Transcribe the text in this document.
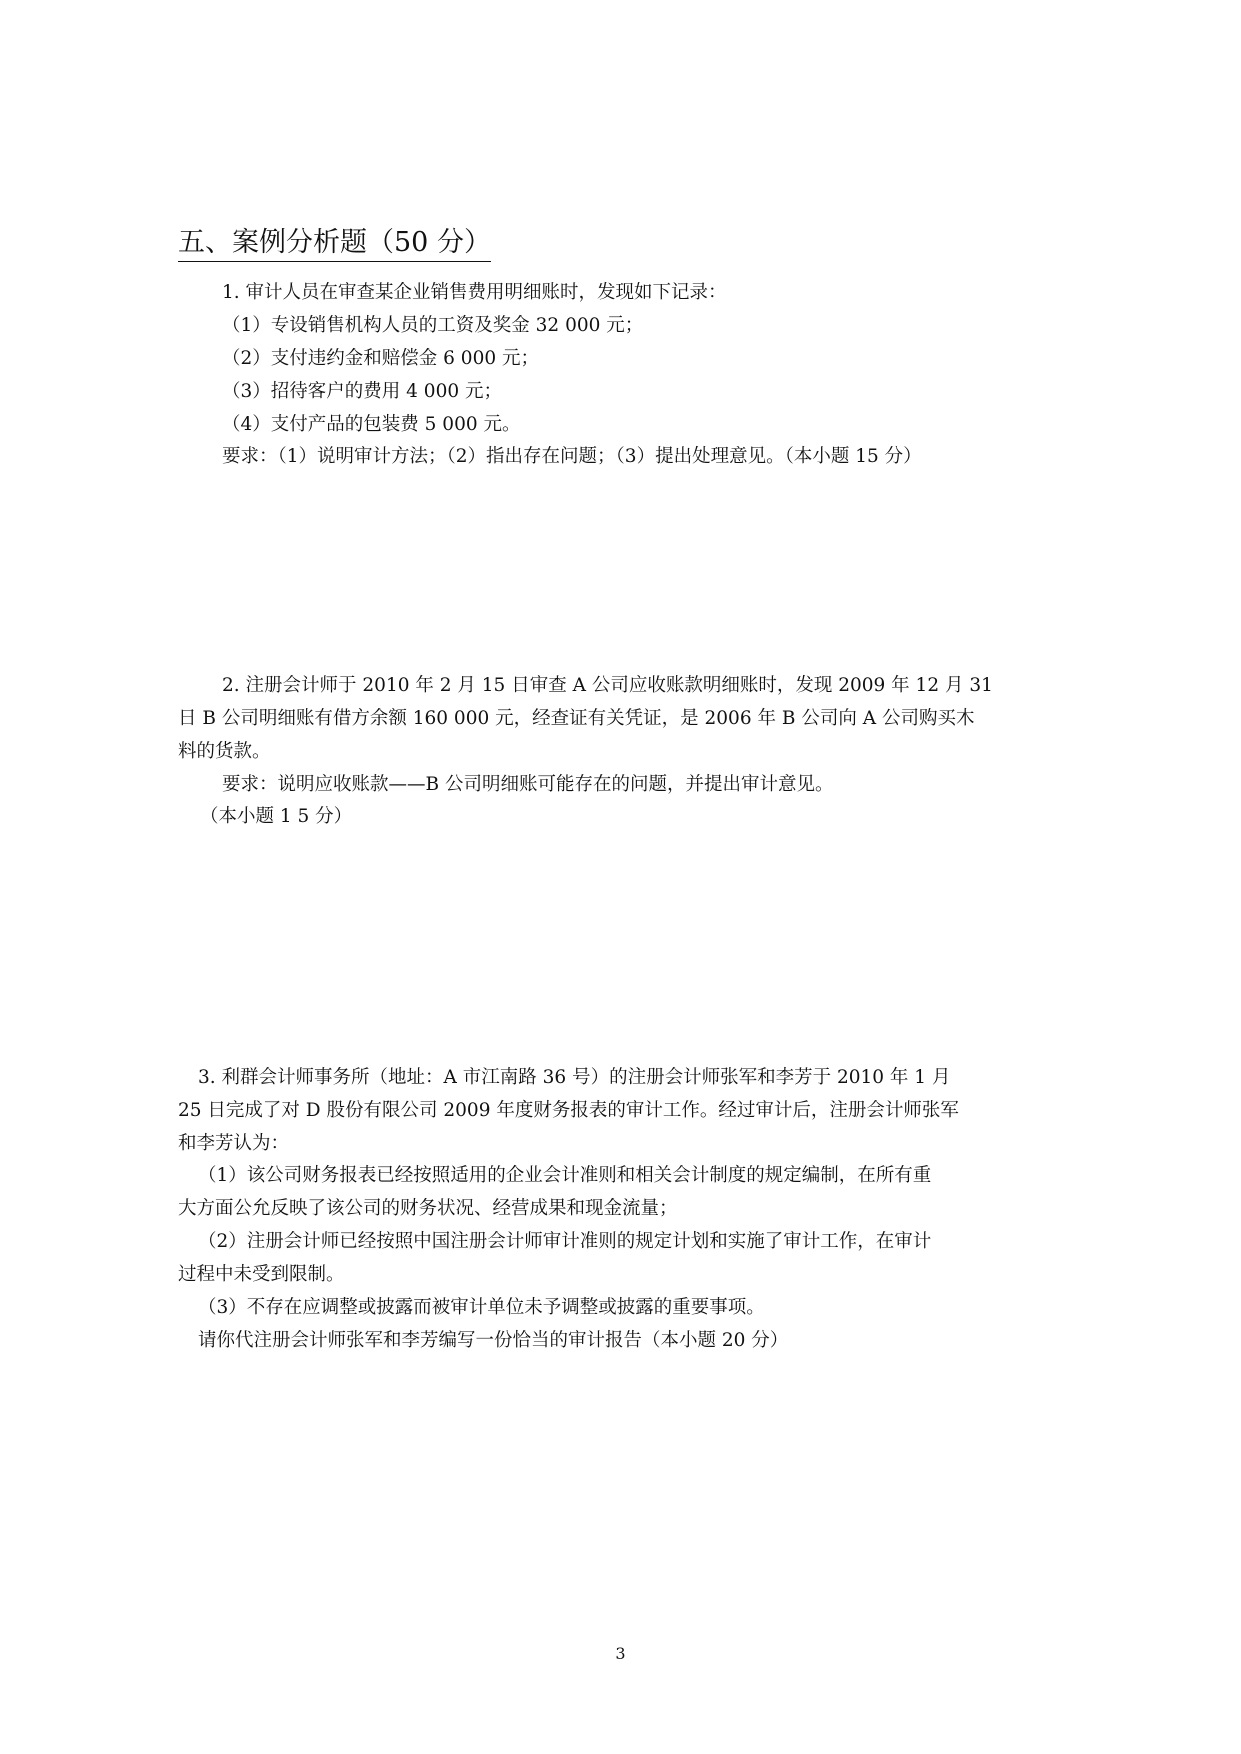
五、案例分析题（50 分）
1. 审计人员在审查某企业销售费用明细账时，发现如下记录：
（1）专设销售机构人员的工资及奖金 32 000 元；
（2）支付违约金和赔偿金 6 000 元；
（3）招待客户的费用 4 000 元；
（4）支付产品的包装费 5 000 元。
要求：（1）说明审计方法；（2）指出存在问题；（3）提出处理意见。（本小题 15 分）
2. 注册会计师于 2010 年 2 月 15 日审查 A 公司应收账款明细账时，发现 2009 年 12 月 31
日 B 公司明细账有借方余额 160 000 元，经查证有关凭证，是 2006 年 B 公司向 A 公司购买木
料的货款。
要求：说明应收账款——B 公司明细账可能存在的问题，并提出审计意见。
（本小题 1 5 分）
3. 利群会计师事务所（地址：A 市江南路 36 号）的注册会计师张军和李芳于 2010 年 1 月
25 日完成了对 D 股份有限公司 2009 年度财务报表的审计工作。经过审计后，注册会计师张军
和李芳认为：
（1）该公司财务报表已经按照适用的企业会计准则和相关会计制度的规定编制，在所有重
大方面公允反映了该公司的财务状况、经营成果和现金流量；
（2）注册会计师已经按照中国注册会计师审计准则的规定计划和实施了审计工作，在审计
过程中未受到限制。
（3）不存在应调整或披露而被审计单位未予调整或披露的重要事项。
请你代注册会计师张军和李芳编写一份恰当的审计报告（本小题 20 分）
3
